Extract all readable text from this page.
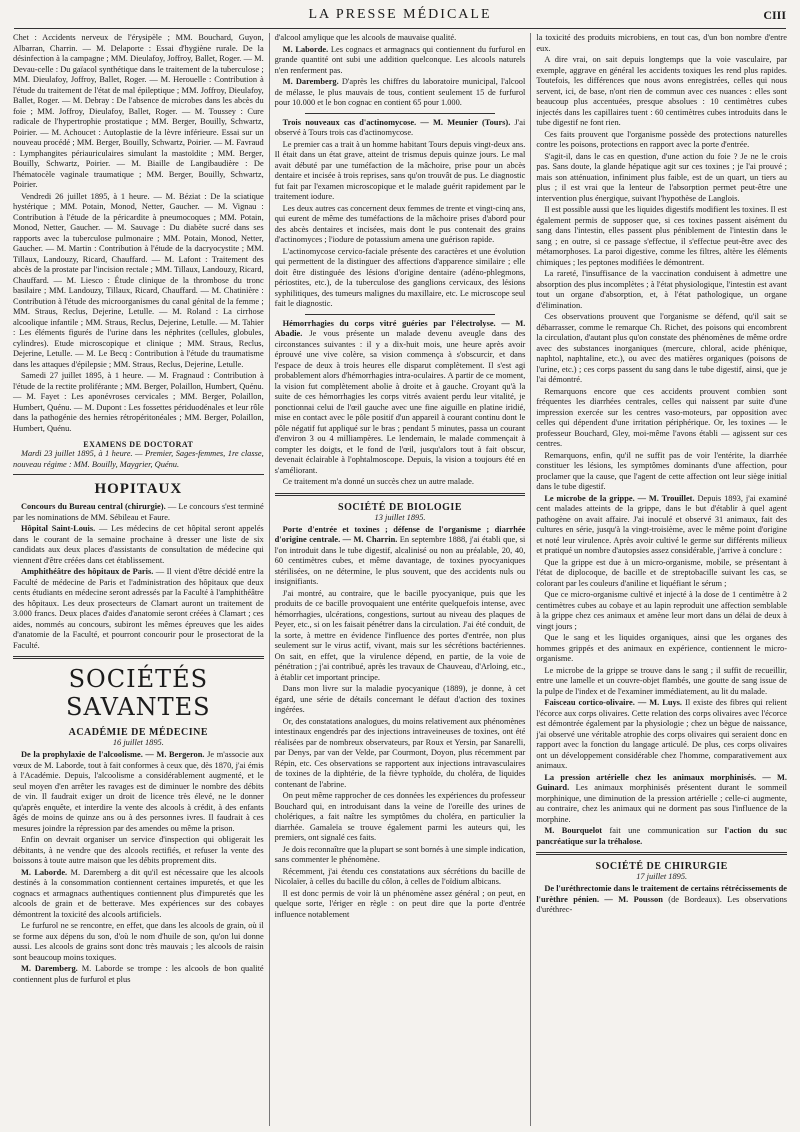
LA PRESSE MÉDICALE	CIII

Chet : Accidents nerveux de l'érysipèle ; MM. Bouchard, Guyon, Albarran, Charrin. — M. Delaporte : Essai d'hygiène rurale. De la désinfection à la campagne ; MM. Dieulafoy, Joffroy, Ballet, Roger. — M. Devau-celle : Du gaïacol synthétique dans le traitement de la tuberculose ; MM. Dieulafoy, Joffroy, Ballet, Roger. — M. Herouelle : Contribution à l'étude du traitement de l'état de mal épileptique ; MM. Joffroy, Dieulafoy, Ballet, Roger. — M. Debray : De l'absence de microbes dans les abcès du foie ; MM. Joffroy, Dieulafoy, Ballet, Roger. — M. Toussey : Cure radicale de l'hypertrophie prostatique ; MM. Berger, Bouilly, Schwartz, Poirier. — M. Achoucet : Autoplastie de la lèvre inférieure. Essai sur un nouveau procédé ; MM. Berger, Bouilly, Schwartz, Poirier. — M. Favraud : Lymphangites périauriculaires simulant la mastoïdite ; MM. Berger, Bouilly, Schwartz, Poirier. — M. Biaille de Langibaudière : De l'hématocèle vaginale traumatique ; MM. Berger, Bouilly, Schwartz, Poirier.

Vendredi 26 juillet 1895, à 1 heure. — M. Béziat : De la sciatique hystérique ; MM. Potain, Monod, Netter, Gaucher. — M. Vignau : Contribution à l'étude de la péricardite à pneumocoques ; MM. Potain, Monod, Netter, Gaucher. — M. Sauvage : Du diabète sucré dans ses rapports avec la tuberculose pulmonaire ; MM. Potain, Monod, Netter, Gaucher. — M. Martin : Contribution à l'étude de la dacryocystite ; MM. Tillaux, Landouzy, Ricard, Chauffard. — M. Lafont : Traitement des abcès de la prostate par l'incision rectale ; MM. Tillaux, Landouzy, Ricard, Chauffard. — M. Liesco : Étude clinique de la thrombose du tronc basilaire ; MM. Landouzy, Tillaux, Ricard, Chauffard. — M. Chatinière : Contribution à l'étude des microorganismes du canal génital de la femme ; MM. Straus, Reclus, Dejerine, Letulle. — M. Roland : La cirrhose alcoolique infantile ; MM. Straus, Reclus, Dejerine, Letulle. — M. Tahier : Les éléments figurés de l'urine dans les néphrites (cellules, globules, cylindres). Etude microscopique et clinique ; MM. Straus, Reclus, Dejerine, Letulle. — M. Le Becq : Contribution à l'étude du traumatisme dans les attaques d'épilepsie ; MM. Straus, Reclus, Dejerine, Letulle.

Samedi 27 juillet 1895, à 1 heure. — M. Fragnaud : Contribution à l'étude de la rectite proliférante ; MM. Berger, Polaillon, Humbert, Quénu. — M. Fayet : Les aponévroses cervicales ; MM. Berger, Polaillon, Humbert, Quénu. — M. Dupont : Les fossettes périduodénales et leur rôle dans la pathogénie des hernies rétropéritonéales ; MM. Berger, Polaillon, Humbert, Quénu.

EXAMENS DE DOCTORAT

Mardi 23 juillet 1895, à 1 heure. — Premier, Sages-femmes, 1re classe, nouveau régime : MM. Bouilly, Maygrier, Quénu.

HOPITAUX

Concours du Bureau central (chirurgie). — Le concours s'est terminé par les nominations de MM. Sébileau et Faure.

Hôpital Saint-Louis. — Les médecins de cet hôpital seront appelés dans le courant de la semaine prochaine à dresser une liste de six candidats aux deux places d'assistants de consultation de médecine qui viennent d'être créées dans cet établissement.

Amphithéâtre des hôpitaux de Paris. — Il vient d'être décidé entre la Faculté de médecine de Paris et l'administration des hôpitaux que deux cents étudiants en médecine seront adressés par la Faculté à l'amphithéâtre des hôpitaux. Les deux prosecteurs de Clamart auront un traitement de 3.000 francs. Deux places d'aides d'anatomie seront créées à Clamart ; ces aides, nommés au concours, subiront les mêmes épreuves que les aides d'anatomie de la Faculté, et pourront concourir pour le prosectorat de la Faculté.

SOCIÉTÉS SAVANTES
ACADÉMIE DE MÉDECINE
16 juillet 1895.

De la prophylaxie de l'alcoolisme. — M. Bergeron. Je m'associe aux vœux de M. Laborde, tout à fait conformes à ceux que, dès 1870, j'ai émis à l'Académie. Depuis, l'alcoolisme a considérablement augmenté, et le seul moyen d'en arrêter les ravages est de diminuer le nombre des débits de vin. Il faudrait exiger un droit de licence très élevé, ne le donner qu'après enquête, et interdire la vente des alcools à crédit, à des enfants âgés de moins de quinze ans ou à des personnes ivres. Il faudrait à ces mesures joindre la répression par des amendes ou même la prison.

Enfin on devrait organiser un service d'inspection qui obligerait les débitants, à ne vendre que des alcools rectifiés, et refuser la vente des boissons à toute autre maison que les débits proprement dits.

M. Laborde. M. Daremberg a dit qu'il est nécessaire que les alcools destinés à la consommation contiennent certaines impuretés, et que les cognacs et armagnacs authentiques contiennent plus d'impuretés que les alcools de grain et de betterave. Mes expériences sur des cobayes démontrent la toxicité des alcools artificiels.

Le furfurol ne se rencontre, en effet, que dans les alcools de grain, où il se forme aux dépens du son, d'où le nom d'huile de son, qu'on lui donne aussi. Les alcools de grains sont donc très mauvais ; les alcools de raisin sont beaucoup moins toxiques.

M. Daremberg. M. Laborde se trompe : les alcools de bon qualité contiennent plus de furfurol et plus

d'alcool amylique que les alcools de mauvaise qualité.

M. Laborde. Les cognacs et armagnacs qui contiennent du furfurol en grande quantité ont subi une addition quelconque. Les alcools naturels n'en renferment pas.

M. Daremberg. D'après les chiffres du laboratoire municipal, l'alcool de mélasse, le plus mauvais de tous, contient seulement 15 de furfurol pour 10.000 et le bon cognac en contient 65 pour 1.000.

Trois nouveaux cas d'actinomycose. — M. Meunier (Tours). J'ai observé à Tours trois cas d'actinomycose.

Le premier cas a trait à un homme habitant Tours depuis vingt-deux ans. Il était dans un état grave, atteint de trismus depuis quinze jours. Le mal avait débuté par une tuméfaction de la mâchoire, prise pour un abcès dentaire et incisée à trois reprises, sans qu'on trouvât de pus. Le diagnostic fut fait par l'examen microscopique et le malade guérit rapidement par le traitement iodure.

Les deux autres cas concernent deux femmes de trente et vingt-cinq ans, qui eurent de même des tuméfactions de la mâchoire prises d'abord pour des abcès dentaires et incisées, mais dont le pus contenait des grains d'actinomyces ; l'iodure de potassium amena une guérison rapide.

L'actinomycose cervico-faciale présente des caractères et une évolution qui permettent de la distinguer des affections d'apparence similaire ; elle doit être distinguée des lésions d'origine dentaire (adéno-phlegmons, périostites, etc.), de la tuberculose des ganglions cervicaux, des lésions syphilitiques, des tumeurs malignes du maxillaire, etc. Le microscope seul fait le diagnostic.

Hémorrhagies du corps vitré guéries par l'électrolyse. — M. Abadie. Je vous présente un malade devenu aveugle dans des circonstances suivantes : il y a dix-huit mois, une heure après avoir éprouvé une vive colère, sa vision commença à s'obscurcir, et dans l'espace de deux à trois heures elle disparut complètement. Il s'est agi probablement alors d'hémorrhagies intra-oculaires. A partir de ce moment, la vision fut complètement abolie à droite et à gauche. Croyant qu'à la suite de ces hémorrhagies les corps vitrés avaient perdu leur vitalité, je ponctionnai celui de l'œil gauche avec une fine aiguille en platine iridié, mise en contact avec le pôle positif d'un appareil à courant continu dont le pôle négatif fut appliqué sur le bras ; pendant 5 minutes, passa un courant d'environ 3 ou 4 milliampères. Le lendemain, le malade commençait à compter les doigts, et le fond de l'œil, jusqu'alors tout à fait obscur, devenait éclairable à l'ophtalmoscope. Depuis, la vision a toujours été en s'améliorant.

Ce traitement m'a donné un succès chez un autre malade.

SOCIÉTÉ DE BIOLOGIE
13 juillet 1895.

Porte d'entrée et toxines ; défense de l'organisme ; diarrhée d'origine centrale. — M. Charrin. En septembre 1888, j'ai établi que, si l'on introduit dans le tube digestif, alcalinisé ou non au préalable, 20, 40, 60 centimètres cubes, et même davantage, de toxines pyocyaniques stérilisées, on ne détermine, le plus souvent, que des accidents nuls ou insignifiants.

J'ai montré, au contraire, que le bacille pyocyanique, puis que les produits de ce bacille provoquaient une entérite quelquefois intense, avec hémorrhagies, ulcérations, congestions, surtout au niveau des plaques de Peyer, etc., si on les faisait pénétrer dans la circulation. J'ai été conduit, de la sorte, à mettre en évidence l'influence des portes d'entrée, non plus seulement sur le virus actif, vivant, mais sur les sécrétions bactériennes. On sait, en effet, que la virulence dépend, en partie, de la voie de pénétration ; j'ai contribué, après les travaux de Chauveau, d'Arloing, etc., à établir cet important principe.

Dans mon livre sur la maladie pyocyanique (1889), je donne, à cet égard, une série de détails concernant le défaut d'action des toxines ingérées.

Or, des constatations analogues, du moins relativement aux phénomènes intestinaux engendrés par des injections intraveineuses de toxines, ont été réalisées par de nombreux observateurs, par Roux et Yersin, par Sanarelli, par Denys, par van der Velde, par Courmont, Doyon, plus récemment par Répin, etc. Ces observations se rapportent aux injections intravasculaires de toxines de la diphtérie, de la fièvre typhoïde, du choléra, de liquides contenant de l'abrine.

On peut même rapprocher de ces données les expériences du professeur Bouchard qui, en introduisant dans la veine de l'oreille des urines de cholériques, a fait naître les symptômes du choléra, en particulier la diarrhée. Gamaleïa se trouve également parmi les auteurs qui, les premiers, ont signalé ces faits.

Je dois reconnaître que la plupart se sont bornés à une simple indication, sans commenter le phénomène.

Récemment, j'ai étendu ces constatations aux sécrétions du bacille de Nicolaïer, à celles du bacille du côlon, à celles de l'oïdium albicans.

Il est donc permis de voir là un phénomène assez général ; on peut, en quelque sorte, l'ériger en règle : on peut dire que la porte d'entrée influence notablement

la toxicité des produits microbiens, en tout cas, d'un bon nombre d'entre eux.

A dire vrai, on sait depuis longtemps que la voie vasculaire, par exemple, aggrave en général les accidents toxiques les rend plus rapides. Toutefois, les différences que nous avons enregistrées, celles qui nous servent, ici, de base, n'ont rien de commun avec ces nuances : elles sont beaucoup plus accentuées, presque absolues : 10 centimètres cubes injectés dans les capillaires tuent : 60 centimètres cubes introduits dans le tube digestif ne font rien.

Ces faits prouvent que l'organisme possède des protections naturelles contre les poisons, protections en rapport avec la porte d'entrée.

S'agit-il, dans le cas en question, d'une action du foie ? Je ne le crois pas. Sans doute, la glande hépatique agit sur ces toxines ; je l'ai prouvé ; mais son atténuation, infiniment plus faible, est de un quart, un tiers au plus ; il est vrai que la lenteur de l'absorption permet peut-être une intervention plus énergique, suivant l'hypothèse de Langlois.

Il est possible aussi que les liquides digestifs modifient les toxines. Il est également permis de supposer que, si ces toxines passent aisément du sang dans l'intestin, elles passent plus péniblement de l'intestin dans le sang ; en outre, si ce passage s'effectue, il s'effectue peut-être avec des métamorphoses. La paroi digestive, comme les filtres, altère les éléments chimiques ; les peptones modifiées le démontrent.

La rareté, l'insuffisance de la vaccination conduisent à admettre une absorption des plus incomplètes ; à l'état physiologique, l'intestin est avant tout un organe d'absorption, et, à l'état pathologique, un organe d'élimination.

Ces observations prouvent que l'organisme se défend, qu'il sait se débarrasser, comme le remarque Ch. Richet, des poisons qui encombrent la circulation, d'autant plus qu'on constate des phénomènes de même ordre avec des substances inorganiques (mercure, chloral, acide phénique, naphtol, naphtaline, etc.), ou avec des matières organiques (poisons de l'urine, etc.) ; ces corps passent du sang dans le tube digestif, ainsi, que je l'ai démontré.

Remarquons encore que ces accidents prouvent combien sont fréquentes les diarrhées centrales, celles qui naissent par suite d'une impression exercée sur les centres vaso-moteurs, par opposition avec celles qui dépendent d'une irritation périphérique. Or, les toxines — le professeur Bouchard, Gley, moi-même l'avons établi — agissent sur ces centres.

Remarquons, enfin, qu'il ne suffit pas de voir l'entérite, la diarrhée constituer les lésions, les symptômes dominants d'une affection, pour proclamer que la cause, que l'agent de cette affection ont leur siège initial dans le tube digestif.

Le microbe de la grippe. — M. Trouillet. Depuis 1893, j'ai examiné cent malades atteints de la grippe, dans le but d'établir à quel agent pathogène on avait affaire. J'ai inoculé et observé 31 animaux, fait des cultures en série, jusqu'à la vingt-troisième, avec le même point d'origine et noté leur virulence. Après avoir cultivé le germe sur différents milieux et pratiqué un nombre d'autopsies assez considérable, j'arrive à conclure :

Que la grippe est due à un micro-organisme, mobile, se présentant à l'état de diplocoque, de bacille et de streptobacille suivant les cas, se colorant par les couleurs d'aniline et liquéfiant le sérum ;

Que ce micro-organisme cultivé et injecté à la dose de 1 centimètre à 2 centimètres cubes au cobaye et au lapin reproduit une affection semblable à la grippe chez ces animaux et amène leur mort dans un délai de deux à vingt jours ;

Que le sang et les liquides organiques, ainsi que les organes des hommes grippés et des animaux en expérience, contiennent le micro-organisme.

Le microbe de la grippe se trouve dans le sang ; il suffit de recueillir, entre une lamelle et un couvre-objet flambés, une goutte de sang issue de la pulpe de l'index et de l'examiner immédiatement, au lit du malade.

Faisceau cortico-olivaire. — M. Luys. Il existe des fibres qui relient l'écorce aux corps olivaires. Cette relation des corps olivaires avec l'écorce est démontrée également par la physiologie ; chez un bègue de naissance, j'ai observé une véritable atrophie des corps olivaires qui seraient donc en rapport avec la fonction du langage articulé. De plus, ces corps olivaires ont un développement considérable chez l'homme, comparativement aux animaux.

La pression artérielle chez les animaux morphinisés. — M. Guinard. Les animaux morphinisés présentent durant le sommeil morphinique, une diminution de la pression artérielle ; celle-ci augmente, au contraire, chez les animaux qui ne dorment pas sous l'influence de la morphine.

M. Bourquelot fait une communication sur l'action du suc pancréatique sur la tréhalose.

SOCIÉTÉ DE CHIRURGIE
17 juillet 1895.

De l'uréthrectomie dans le traitement de certains rétrécissements de l'urèthre pénien. — M. Pousson (de Bordeaux). Les observations d'uréthrec-
